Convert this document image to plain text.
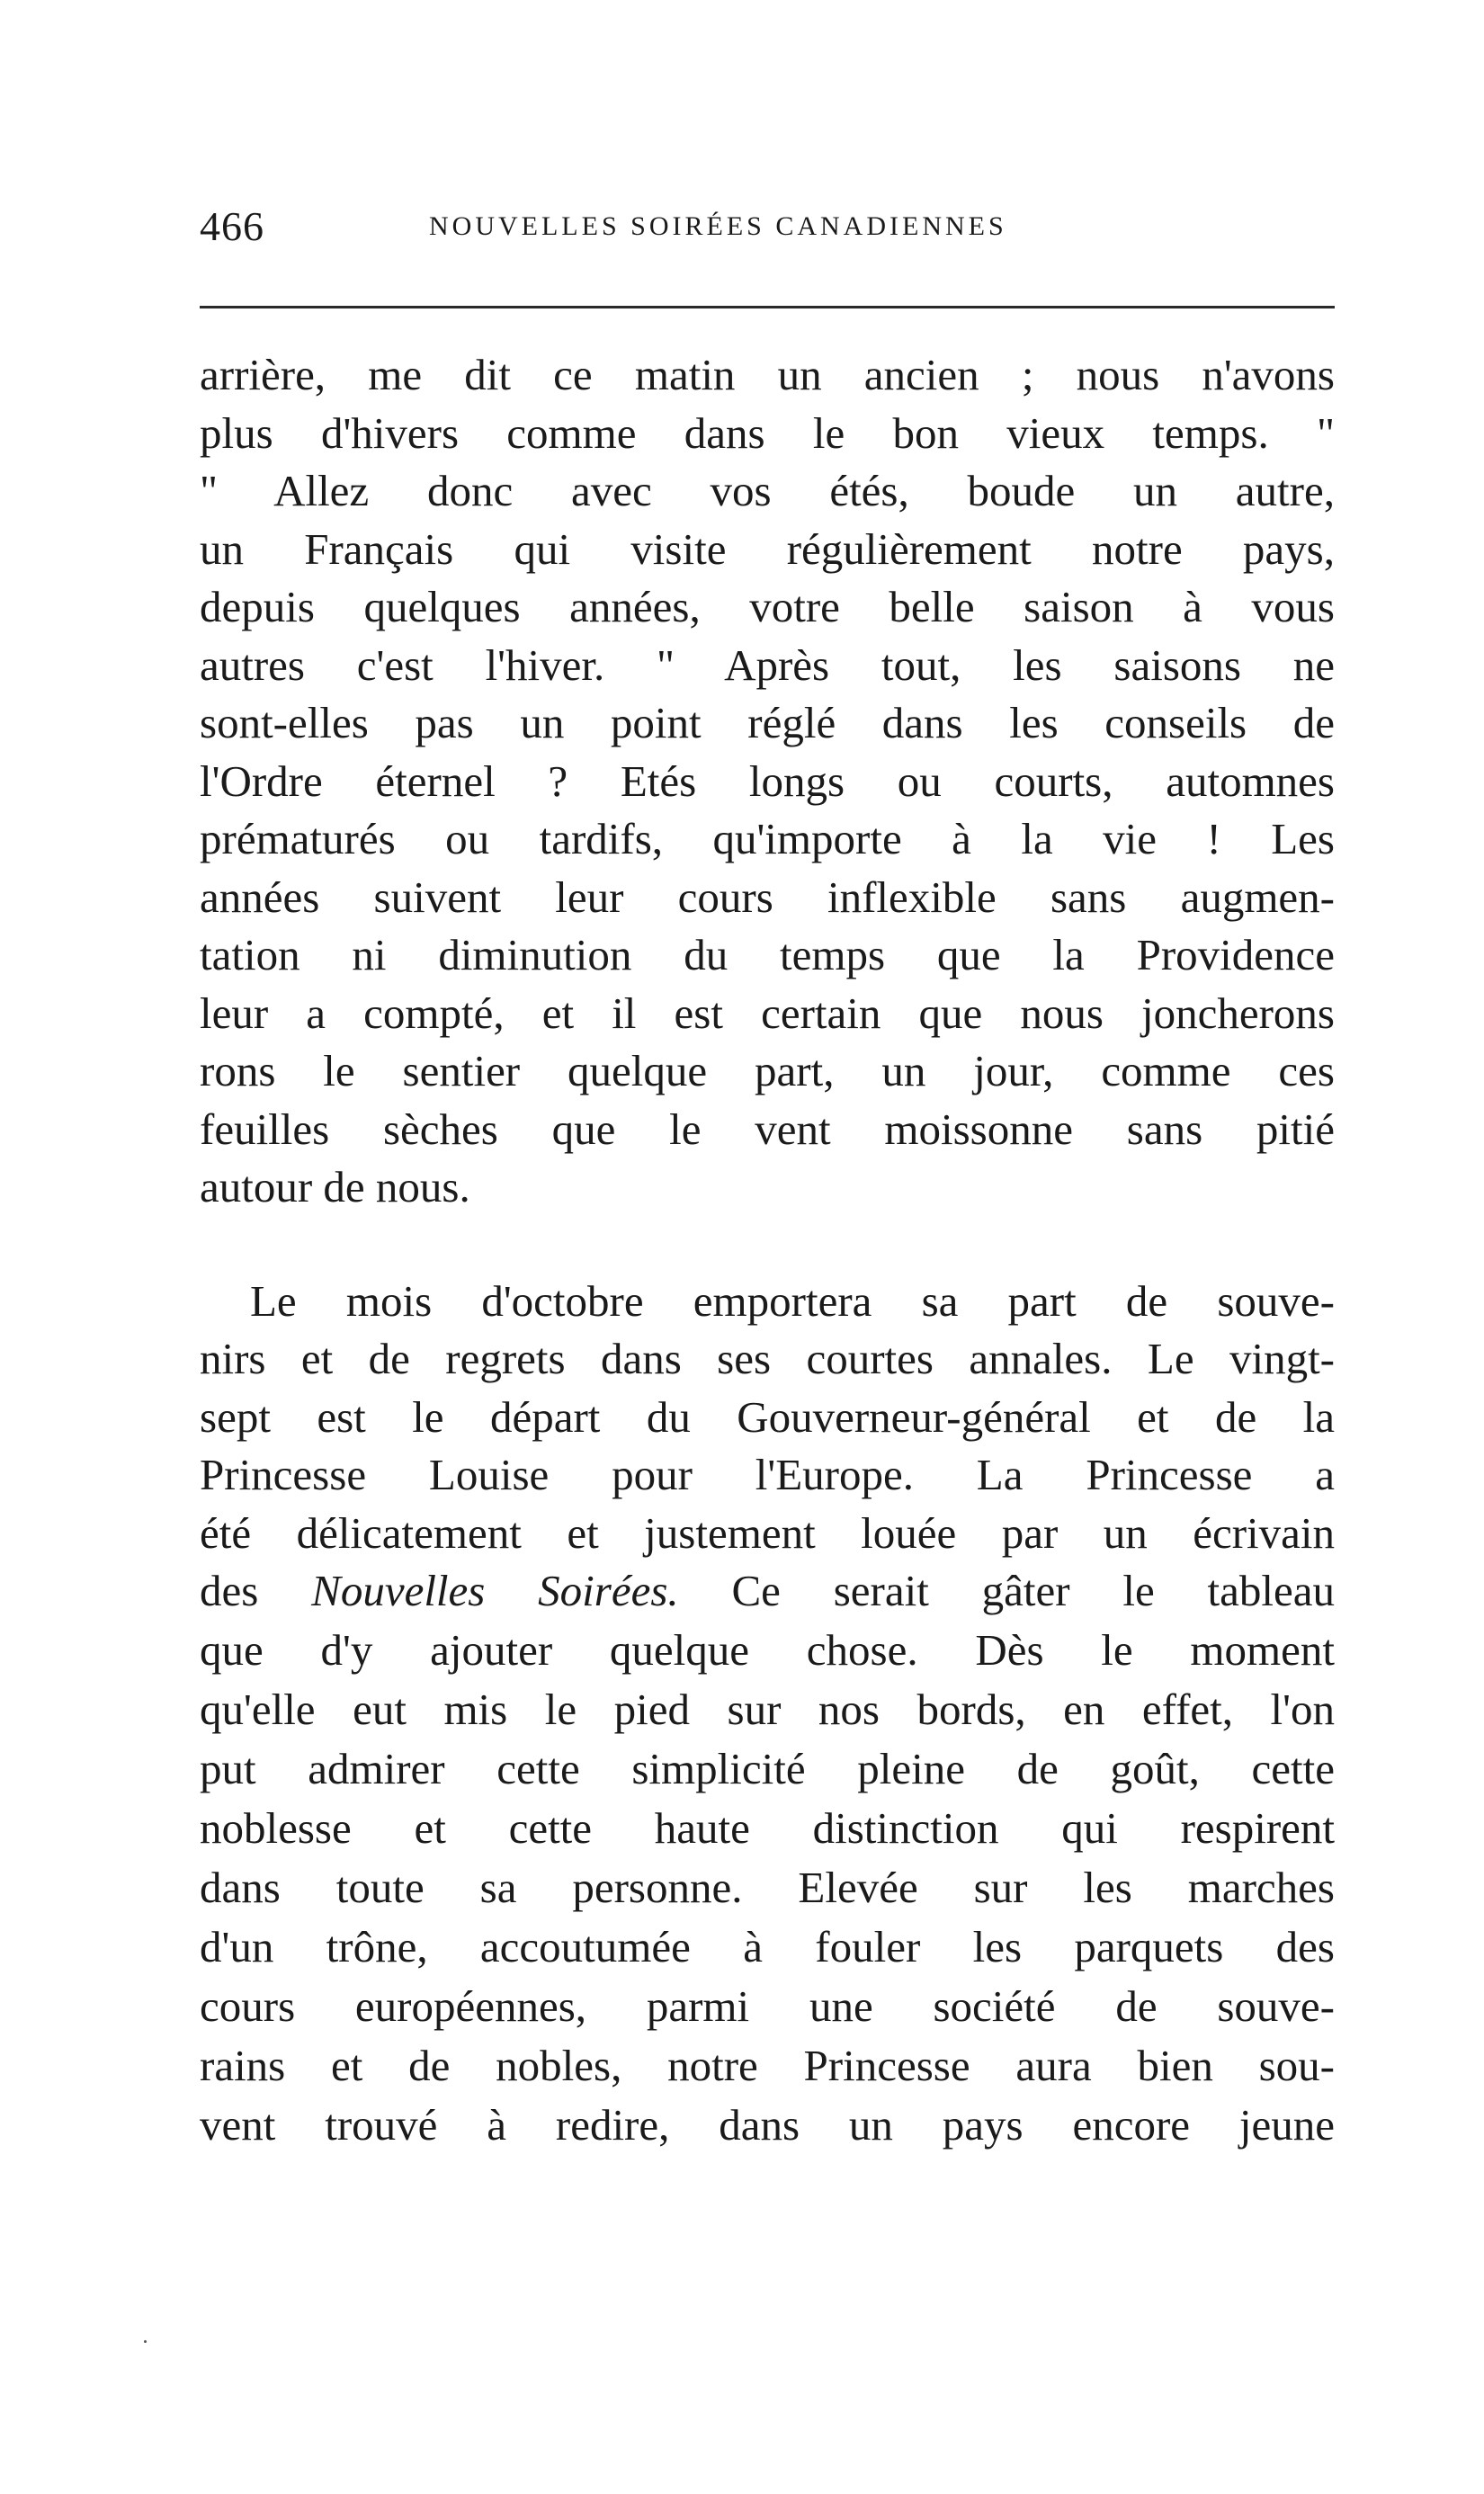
466	NOUVELLES SOIRÉES CANADIENNES

arrière, me dit ce matin un ancien ; nous n'avons
plus d'hivers comme dans le bon vieux temps. "
" Allez donc avec vos étés, boude un autre,
un Français qui visite régulièrement notre pays,
depuis quelques années, votre belle saison à vous
autres c'est l'hiver. " Après tout, les saisons ne
sont-elles pas un point réglé dans les conseils de
l'Ordre éternel ? Etés longs ou courts, automnes
prématurés ou tardifs, qu'importe à la vie ! Les
années suivent leur cours inflexible sans augmen-
tation ni diminution du temps que la Providence
leur a compté, et il est certain que nous joncherons
rons le sentier quelque part, un jour, comme ces
feuilles sèches que le vent moissonne sans pitié
autour de nous.

Le mois d'octobre emportera sa part de souve-
nirs et de regrets dans ses courtes annales. Le vingt-
sept est le départ du Gouverneur-général et de la
Princesse Louise pour l'Europe. La Princesse a
été délicatement et justement louée par un écrivain
des Nouvelles Soirées. Ce serait gâter le tableau
que d'y ajouter quelque chose. Dès le moment
qu'elle eut mis le pied sur nos bords, en effet, l'on
put admirer cette simplicité pleine de goût, cette
noblesse et cette haute distinction qui respirent
dans toute sa personne. Elevée sur les marches
d'un trône, accoutumée à fouler les parquets des
cours européennes, parmi une société de souve-
rains et de nobles, notre Princesse aura bien sou-
vent trouvé à redire, dans un pays encore jeune
